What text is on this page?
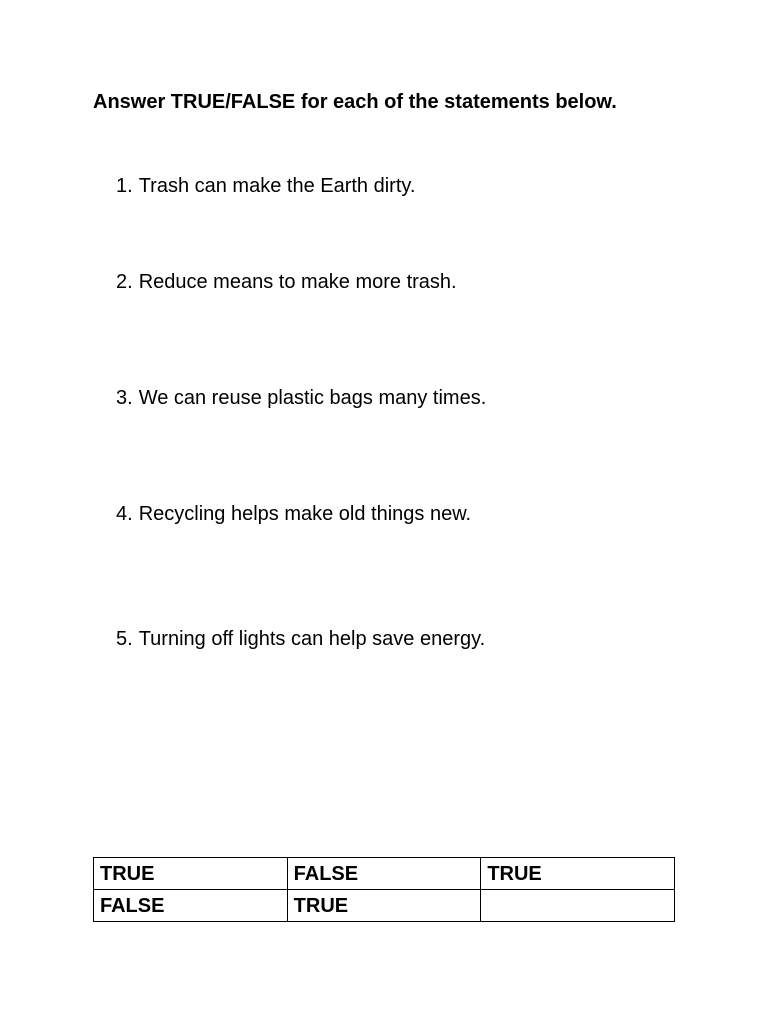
Answer TRUE/FALSE for each of the statements below.
1. Trash can make the Earth dirty.
2. Reduce means to make more trash.
3. We can reuse plastic bags many times.
4. Recycling helps make old things new.
5. Turning off lights can help save energy.
TRUE	FALSE	TRUE
FALSE	TRUE	
